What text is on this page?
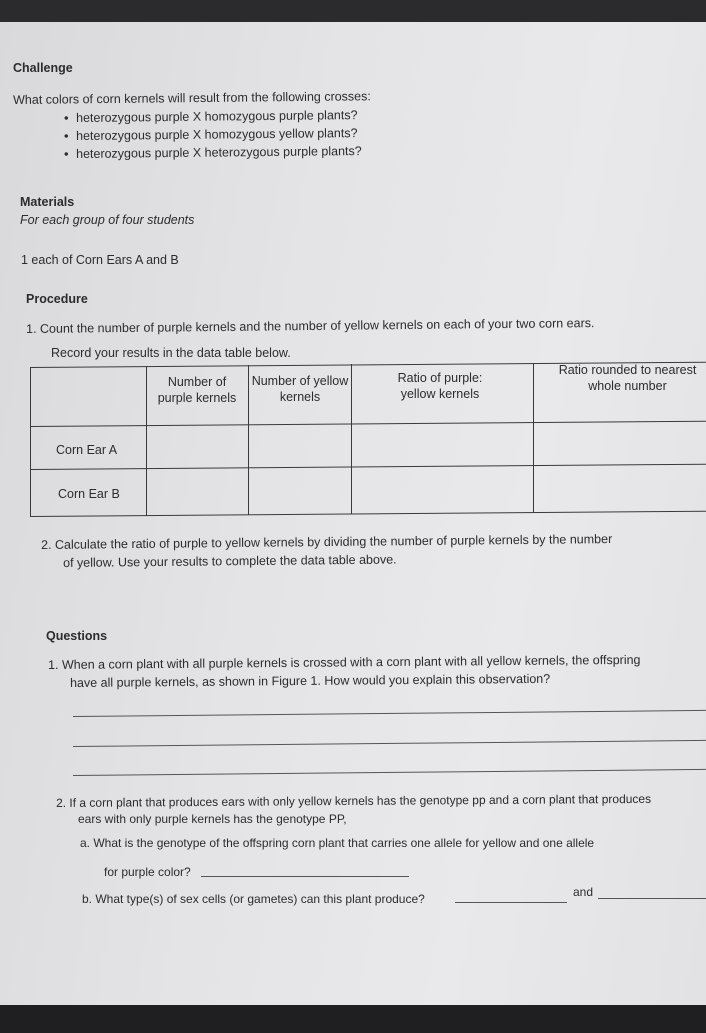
Challenge
What colors of corn kernels will result from the following crosses:
• heterozygous purple X homozygous purple plants?
• heterozygous purple X homozygous yellow plants?
• heterozygous purple X heterozygous purple plants?
Materials
For each group of four students
1 each of Corn Ears A and B
Procedure
1. Count the number of purple kernels and the number of yellow kernels on each of your two corn ears.
Record your results in the data table below.
Number of purple kernels
Number of yellow kernels
Ratio of purple: yellow kernels
Ratio rounded to nearest whole number
Corn Ear A
Corn Ear B
2. Calculate the ratio of purple to yellow kernels by dividing the number of purple kernels by the number
of yellow. Use your results to complete the data table above.
Questions
1. When a corn plant with all purple kernels is crossed with a corn plant with all yellow kernels, the offspring
have all purple kernels, as shown in Figure 1. How would you explain this observation?
2. If a corn plant that produces ears with only yellow kernels has the genotype pp and a corn plant that produces
ears with only purple kernels has the genotype PP,
a. What is the genotype of the offspring corn plant that carries one allele for yellow and one allele
for purple color?
b. What type(s) of sex cells (or gametes) can this plant produce?	and
